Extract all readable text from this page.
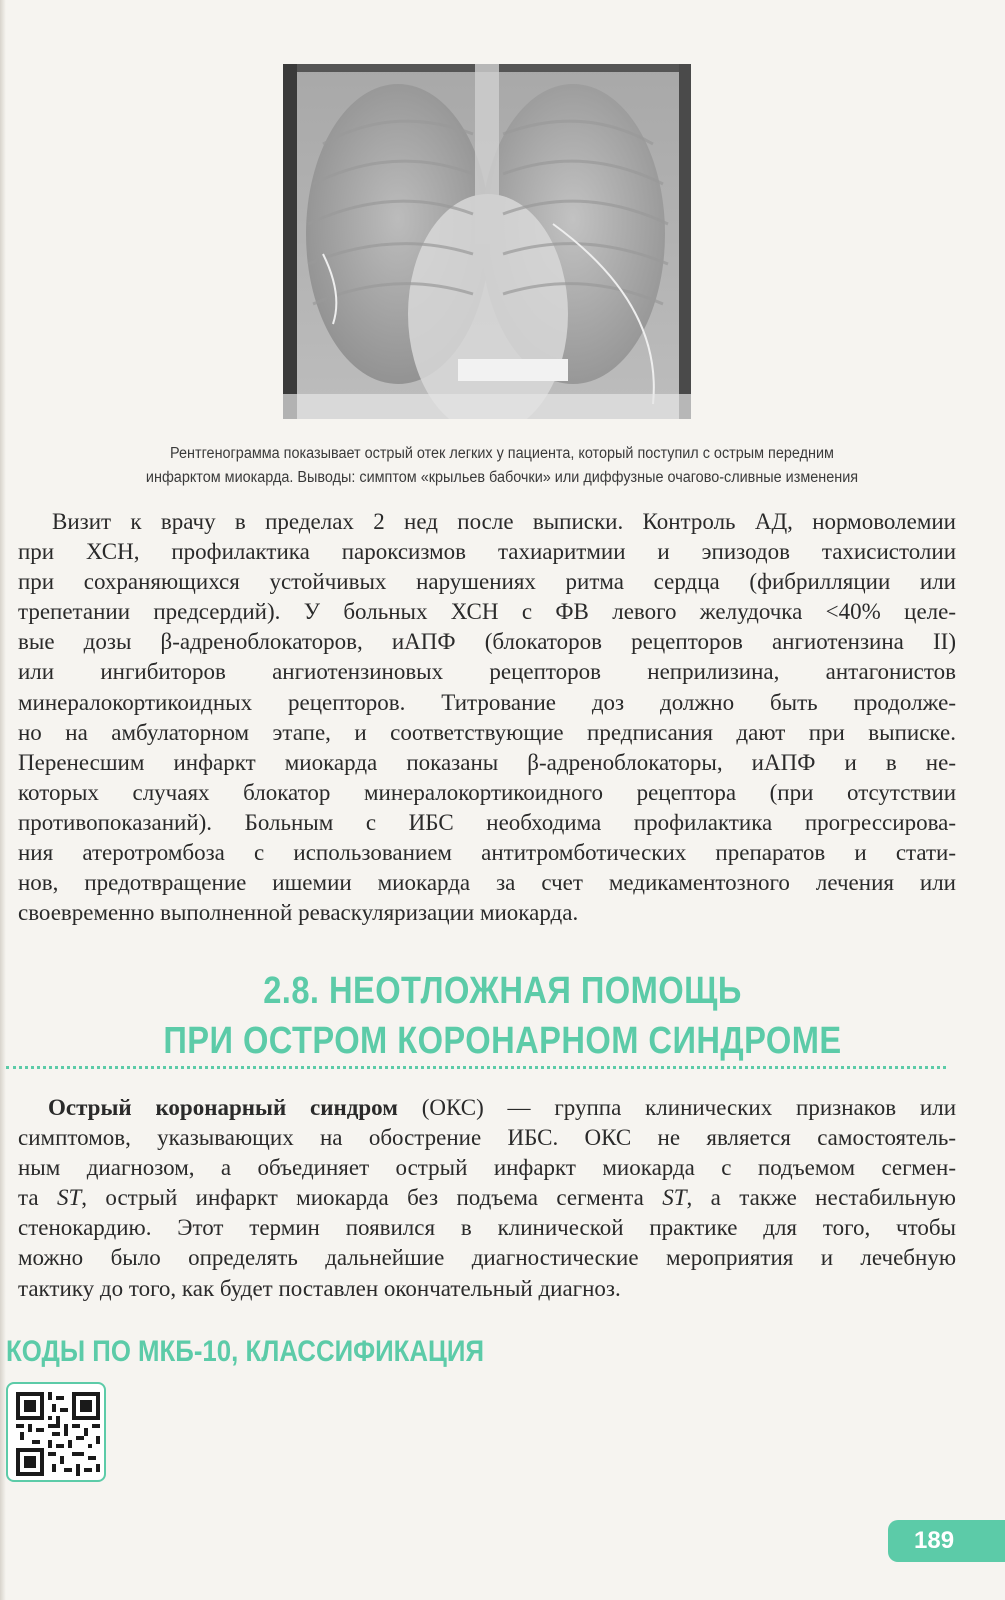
Рентгенограмма показывает острый отек легких у пациента, который поступил с острым передним
инфарктом миокарда. Выводы: симптом «крыльев бабочки» или диффузные очагово-сливные изменения
Визит к врачу в пределах 2 нед после выписки. Контроль АД, нормоволемии
при ХСН, профилактика пароксизмов тахиаритмии и эпизодов тахисистолии
при сохраняющихся устойчивых нарушениях ритма сердца (фибрилляции или
трепетании предсердий). У больных ХСН с ФВ левого желудочка <40% целе-
вые дозы β-адреноблокаторов, иАПФ (блокаторов рецепторов ангиотензина II)
или ингибиторов ангиотензиновых рецепторов неприлизина, антагонистов
минералокортикоидных рецепторов. Титрование доз должно быть продолже-
но на амбулаторном этапе, и соответствующие предписания дают при выписке.
Перенесшим инфаркт миокарда показаны β-адреноблокаторы, иАПФ и в не-
которых случаях блокатор минералокортикоидного рецептора (при отсутствии
противопоказаний). Больным с ИБС необходима профилактика прогрессирова-
ния атеротромбоза с использованием антитромботических препаратов и стати-
нов, предотвращение ишемии миокарда за счет медикаментозного лечения или
своевременно выполненной реваскуляризации миокарда.
2.8. НЕОТЛОЖНАЯ ПОМОЩЬ
ПРИ ОСТРОМ КОРОНАРНОМ СИНДРОМЕ
Острый коронарный синдром (ОКС) — группа клинических признаков или
симптомов, указывающих на обострение ИБС. ОКС не является самостоятель-
ным диагнозом, а объединяет острый инфаркт миокарда с подъемом сегмен-
та ST, острый инфаркт миокарда без подъема сегмента ST, а также нестабильную
стенокардию. Этот термин появился в клинической практике для того, чтобы
можно было определять дальнейшие диагностические мероприятия и лечебную
тактику до того, как будет поставлен окончательный диагноз.
КОДЫ ПО МКБ-10, КЛАССИФИКАЦИЯ
189
